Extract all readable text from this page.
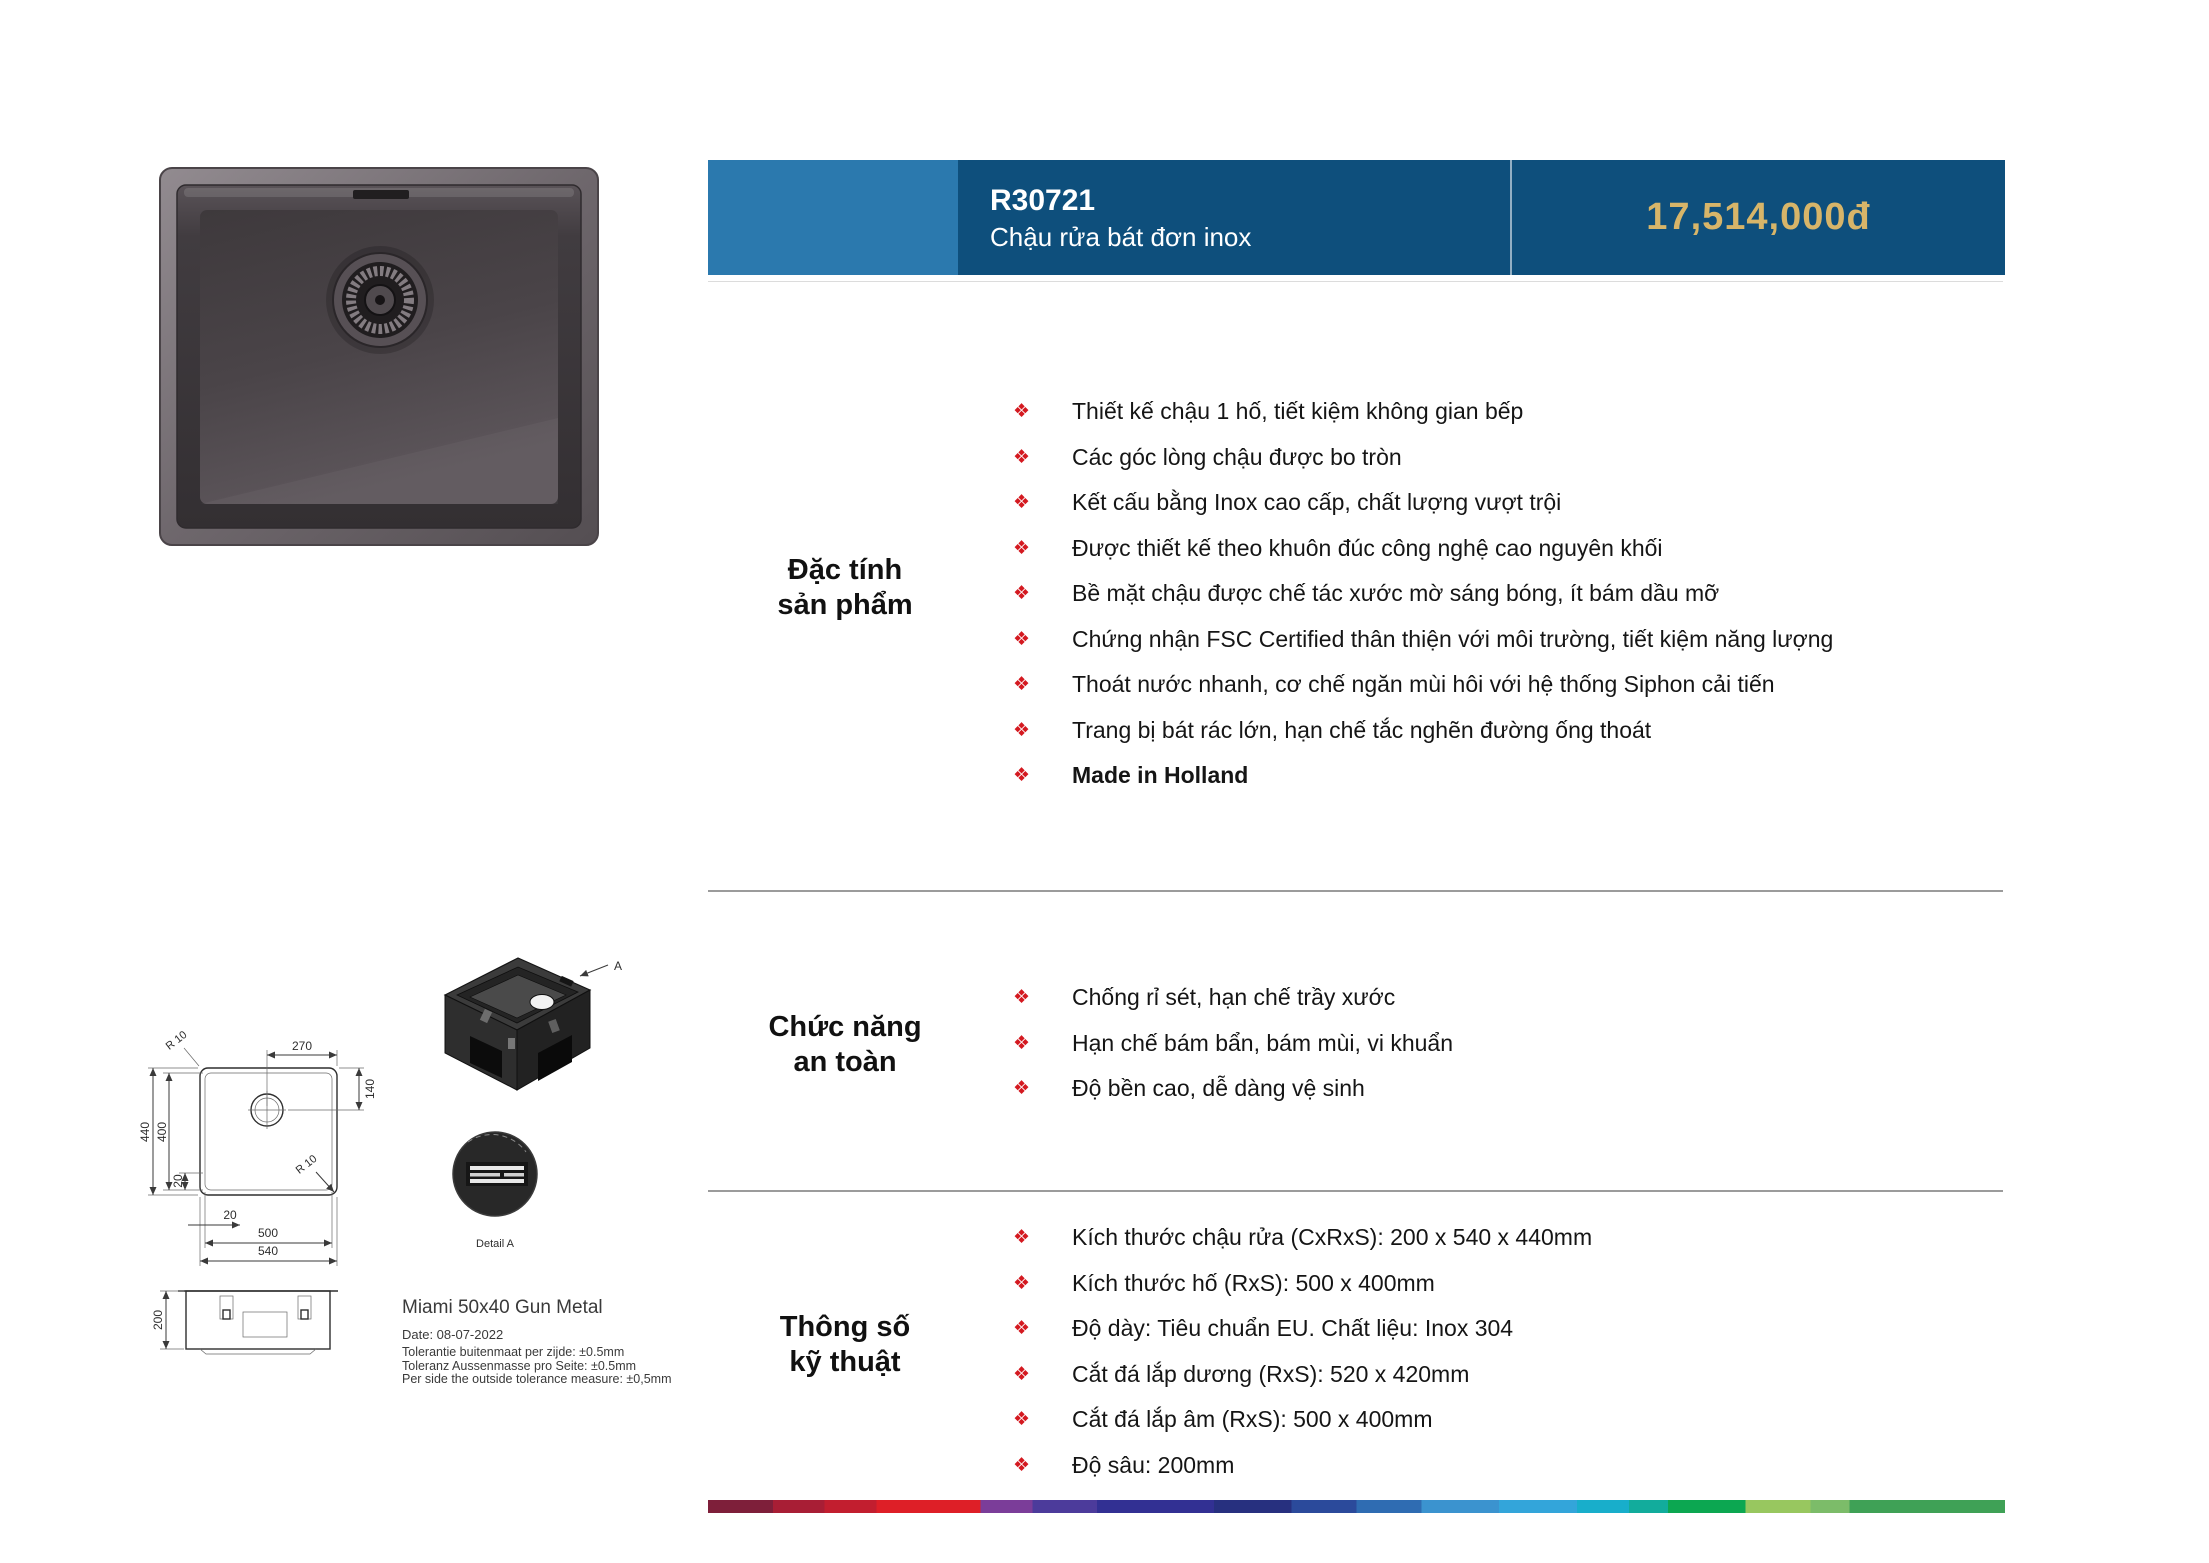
R30721
Chậu rửa bát đơn inox	17,514,000đ
Đặc tính
sản phẩm
❖	Thiết kế chậu 1 hố, tiết kiệm không gian bếp
❖	Các góc lòng chậu được bo tròn
❖	Kết cấu bằng Inox cao cấp, chất lượng vượt trội
❖	Được thiết kế theo khuôn đúc công nghệ cao nguyên khối
❖	Bề mặt chậu được chế tác xước mờ sáng bóng, ít bám dầu mỡ
❖	Chứng nhận FSC Certified thân thiện với môi trường, tiết kiệm năng lượng
❖	Thoát nước nhanh, cơ chế ngăn mùi hôi với hệ thống Siphon cải tiến
❖	Trang bị bát rác lớn, hạn chế tắc nghẽn đường ống thoát
❖	Made in Holland
Chức năng
an toàn
❖	Chống rỉ sét, hạn chế trầy xước
❖	Hạn chế bám bẩn, bám mùi, vi khuẩn
❖	Độ bền cao, dễ dàng vệ sinh
Thông số
kỹ thuật
❖	Kích thước chậu rửa (CxRxS): 200 x 540 x 440mm
❖	Kích thước hố (RxS): 500 x 400mm
❖	Độ dày: Tiêu chuẩn EU. Chất liệu: Inox 304
❖	Cắt đá lắp dương (RxS): 520 x 420mm
❖	Cắt đá lắp âm (RxS): 500 x 400mm
❖	Độ sâu: 200mm
270
140
440 400
20
R 10
R 10
20
500
540
A
Detail A
200
Miami 50x40 Gun Metal
Date: 08-07-2022
Tolerantie buitenmaat per zijde: ±0.5mm
Toleranz Aussenmasse pro Seite: ±0.5mm
Per side the outside tolerance measure: ±0,5mm
